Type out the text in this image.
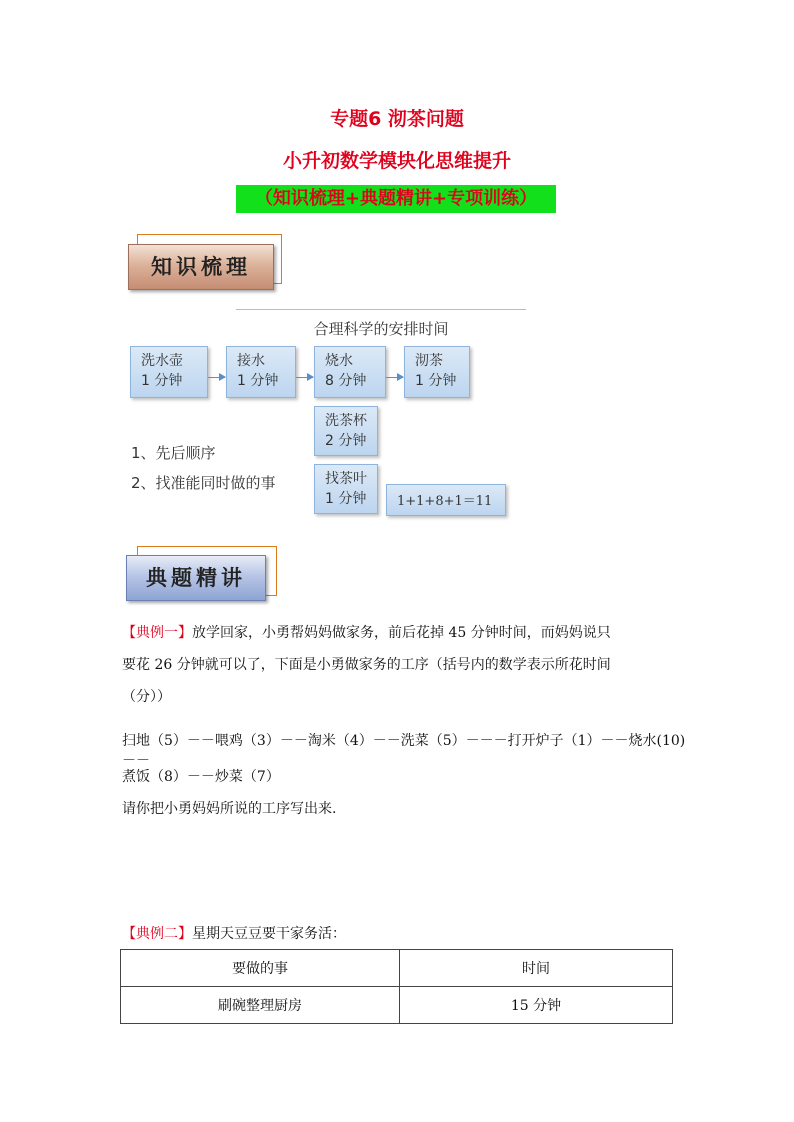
专题6 沏茶问题
小升初数学模块化思维提升
（知识梳理+典题精讲+专项训练）
知识梳理
合理科学的安排时间
洗水壶
1 分钟
接水
1 分钟
烧水
8 分钟
沏茶
1 分钟
洗茶杯
2 分钟
找茶叶
1 分钟	1+1+8+1＝11
1、先后顺序
2、找准能同时做的事
典题精讲
【典例一】放学回家，小勇帮妈妈做家务，前后花掉 45 分钟时间，而妈妈说只
要花 26 分钟就可以了，下面是小勇做家务的工序（括号内的数学表示所花时间
（分））
扫地（5）－－喂鸡（3）－－淘米（4）－－洗菜（5）－－－打开炉子（1）－－烧水(10)－－
煮饭（8）－－炒菜（7）
请你把小勇妈妈所说的工序写出来.
【典例二】星期天豆豆要干家务活：
要做的事	时间
刷碗整理厨房	15 分钟
